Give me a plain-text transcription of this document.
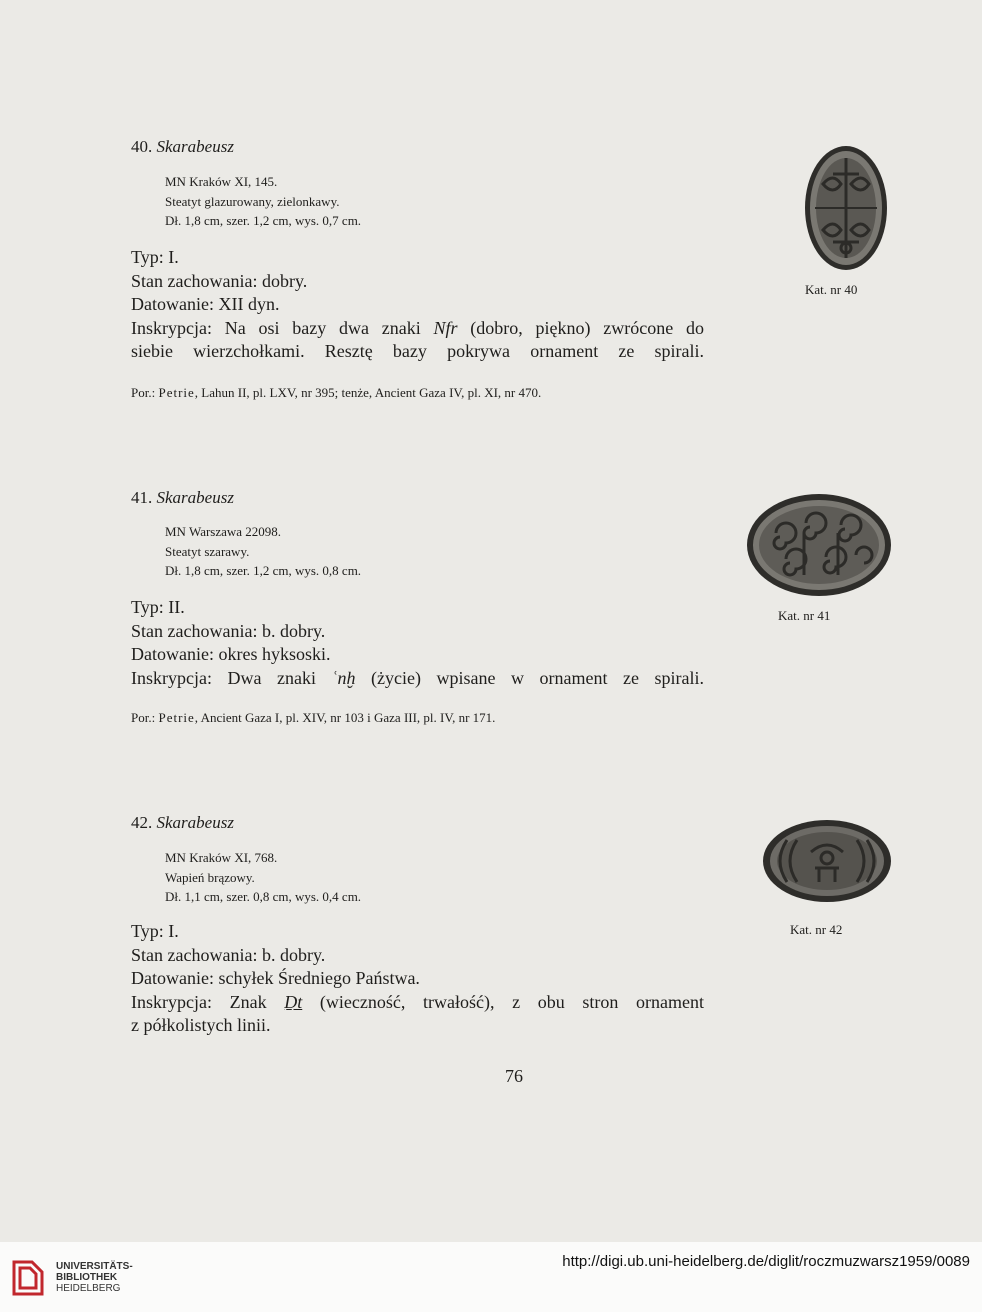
40. Skarabeusz
MN Kraków XI, 145.
Steatyt glazurowany, zielonkawy.
Dł. 1,8 cm, szer. 1,2 cm, wys. 0,7 cm.
Typ: I.
Stan zachowania: dobry.
Datowanie: XII dyn.
Inskrypcja: Na osi bazy dwa znaki Nfr (dobro, piękno) zwrócone do
siebie wierzchołkami. Resztę bazy pokrywa ornament ze spirali.
Por.: Petrie, Lahun II, pl. LXV, nr 395; tenże, Ancient Gaza IV, pl. XI, nr 470.
Kat. nr 40
41. Skarabeusz
MN Warszawa 22098.
Steatyt szarawy.
Dł. 1,8 cm, szer. 1,2 cm, wys. 0,8 cm.
Typ: II.
Stan zachowania: b. dobry.
Datowanie: okres hyksoski.
Inskrypcja: Dwa znaki ʿnḫ (życie) wpisane w ornament ze spirali.
Por.: Petrie, Ancient Gaza I, pl. XIV, nr 103 i Gaza III, pl. IV, nr 171.
Kat. nr 41
42. Skarabeusz
MN Kraków XI, 768.
Wapień brązowy.
Dł. 1,1 cm, szer. 0,8 cm, wys. 0,4 cm.
Typ: I.
Stan zachowania: b. dobry.
Datowanie: schyłek Średniego Państwa.
Inskrypcja: Znak Ḏt (wieczność, trwałość), z obu stron ornament
z półkolistych linii.
Kat. nr 42
76
UNIVERSITÄTS-
BIBLIOTHEK
HEIDELBERG
http://digi.ub.uni-heidelberg.de/diglit/roczmuzwarsz1959/0089
